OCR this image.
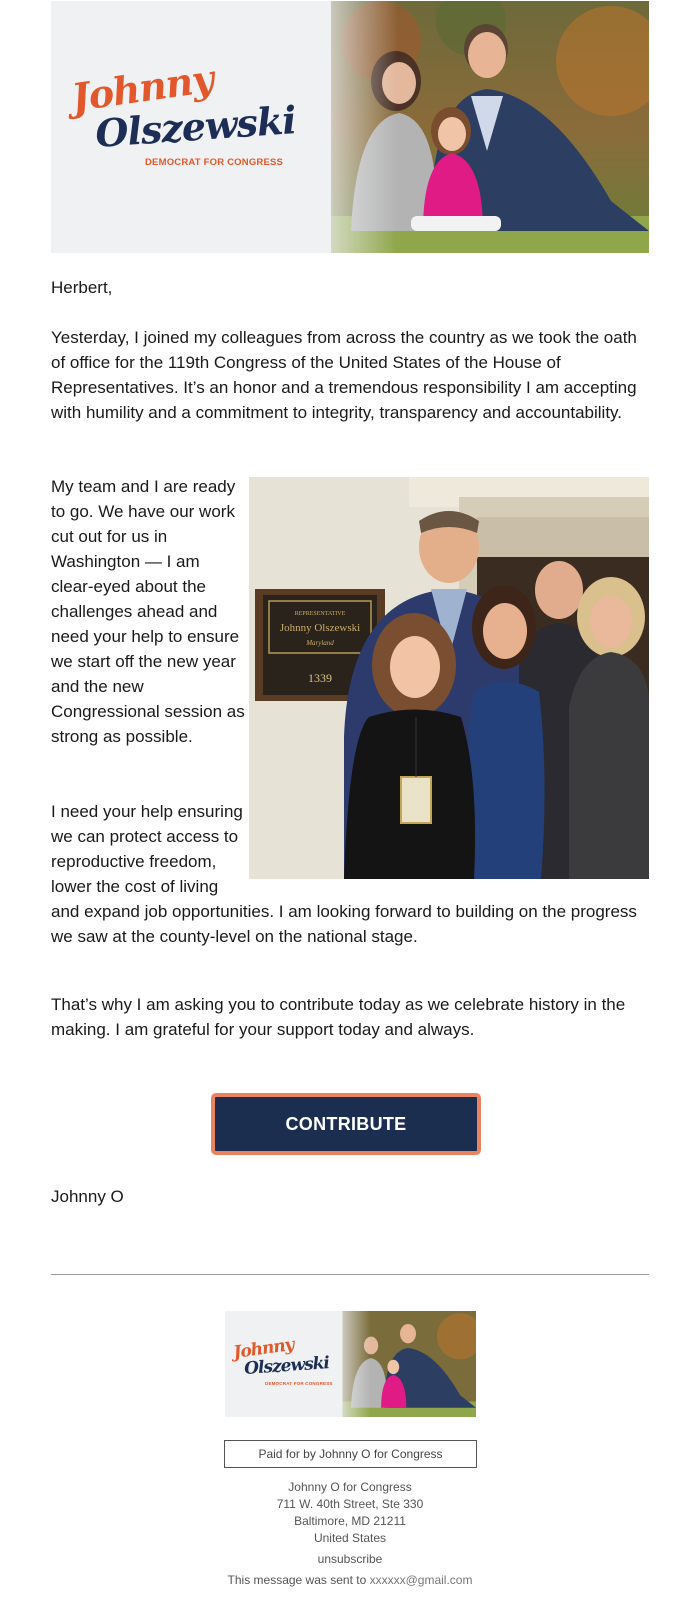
Johnny
Olszewski
DEMOCRAT FOR CONGRESS

Herbert,

Yesterday, I joined my colleagues from across the country as we took the oath of office for the 119th Congress of the United States of the House of Representatives. It’s an honor and a tremendous responsibility I am accepting with humility and a commitment to integrity, transparency and accountability.

REPRESENTATIVE
Johnny Olszewski
Maryland
1339

My team and I are ready to go. We have our work cut out for us in Washington — I am clear-eyed about the challenges ahead and need your help to ensure we start off the new year and the new Congressional session as strong as possible.

I need your help ensuring we can protect access to reproductive freedom, lower the cost of living and expand job opportunities. I am looking forward to building on the progress we saw at the county-level on the national stage.

That’s why I am asking you to contribute today as we celebrate history in the making. I am grateful for your support today and always.

CONTRIBUTE

Johnny O

Johnny
Olszewski
DEMOCRAT FOR CONGRESS
Paid for by Johnny O for Congress
Johnny O for Congress
711 W. 40th Street, Ste 330
Baltimore, MD 21211
United States
unsubscribe
This message was sent to xxxxxx@gmail.com
